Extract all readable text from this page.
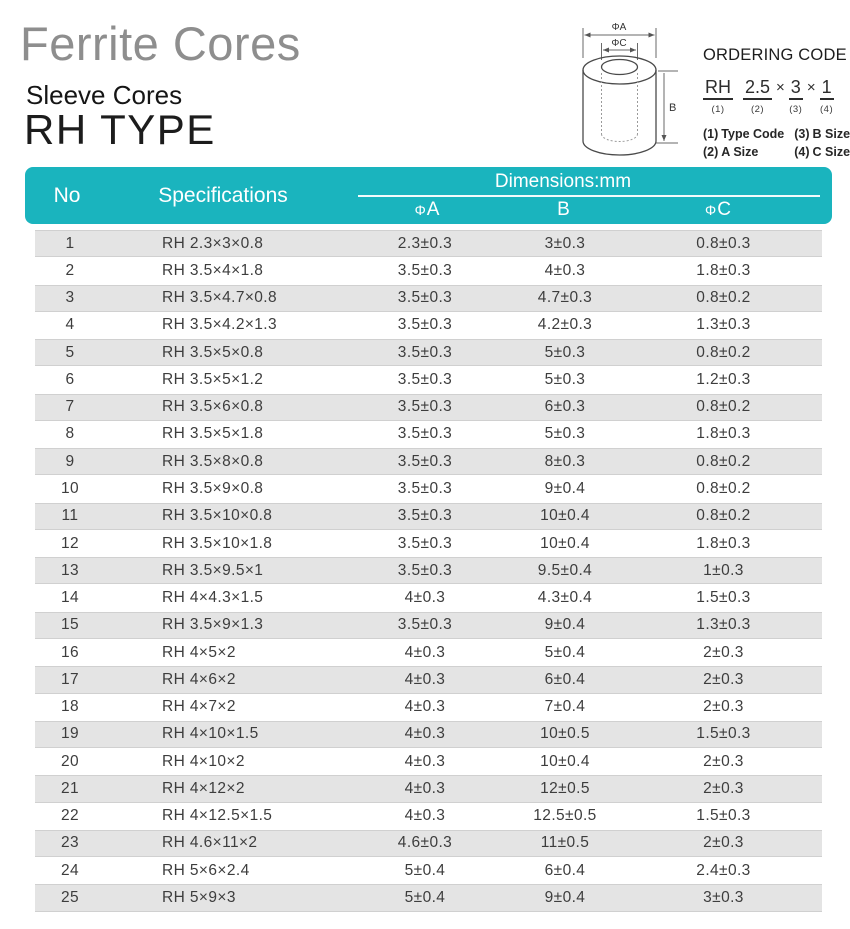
Ferrite Cores
Sleeve Cores
RH TYPE
ΦA
ΦC
B
ORDERING CODE
RH
(1)
2.5
(2)
× 3
(3)
× 1
(4)
(1) Type Code (3) B Size
(2) A Size	(4) C Size
No	Specifications
Dimensions:mm
Φ A	B	Φ C
1	RH 2.3×3×0.8	2.3±0.3	3±0.3	0.8±0.3
2	RH 3.5×4×1.8	3.5±0.3	4±0.3	1.8±0.3
3	RH 3.5×4.7×0.8	3.5±0.3	4.7±0.3	0.8±0.2
4	RH 3.5×4.2×1.3	3.5±0.3	4.2±0.3	1.3±0.3
5	RH 3.5×5×0.8	3.5±0.3	5±0.3	0.8±0.2
6	RH 3.5×5×1.2	3.5±0.3	5±0.3	1.2±0.3
7	RH 3.5×6×0.8	3.5±0.3	6±0.3	0.8±0.2
8	RH 3.5×5×1.8	3.5±0.3	5±0.3	1.8±0.3
9	RH 3.5×8×0.8	3.5±0.3	8±0.3	0.8±0.2
10	RH 3.5×9×0.8	3.5±0.3	9±0.4	0.8±0.2
11	RH 3.5×10×0.8	3.5±0.3	10±0.4	0.8±0.2
12	RH 3.5×10×1.8	3.5±0.3	10±0.4	1.8±0.3
13	RH 3.5×9.5×1	3.5±0.3	9.5±0.4	1±0.3
14	RH 4×4.3×1.5	4±0.3	4.3±0.4	1.5±0.3
15	RH 3.5×9×1.3	3.5±0.3	9±0.4	1.3±0.3
16	RH 4×5×2	4±0.3	5±0.4	2±0.3
17	RH 4×6×2	4±0.3	6±0.4	2±0.3
18	RH 4×7×2	4±0.3	7±0.4	2±0.3
19	RH 4×10×1.5	4±0.3	10±0.5	1.5±0.3
20	RH 4×10×2	4±0.3	10±0.4	2±0.3
21	RH 4×12×2	4±0.3	12±0.5	2±0.3
22	RH 4×12.5×1.5	4±0.3	12.5±0.5	1.5±0.3
23	RH 4.6×11×2	4.6±0.3	11±0.5	2±0.3
24	RH 5×6×2.4	5±0.4	6±0.4	2.4±0.3
25	RH 5×9×3	5±0.4	9±0.4	3±0.3
